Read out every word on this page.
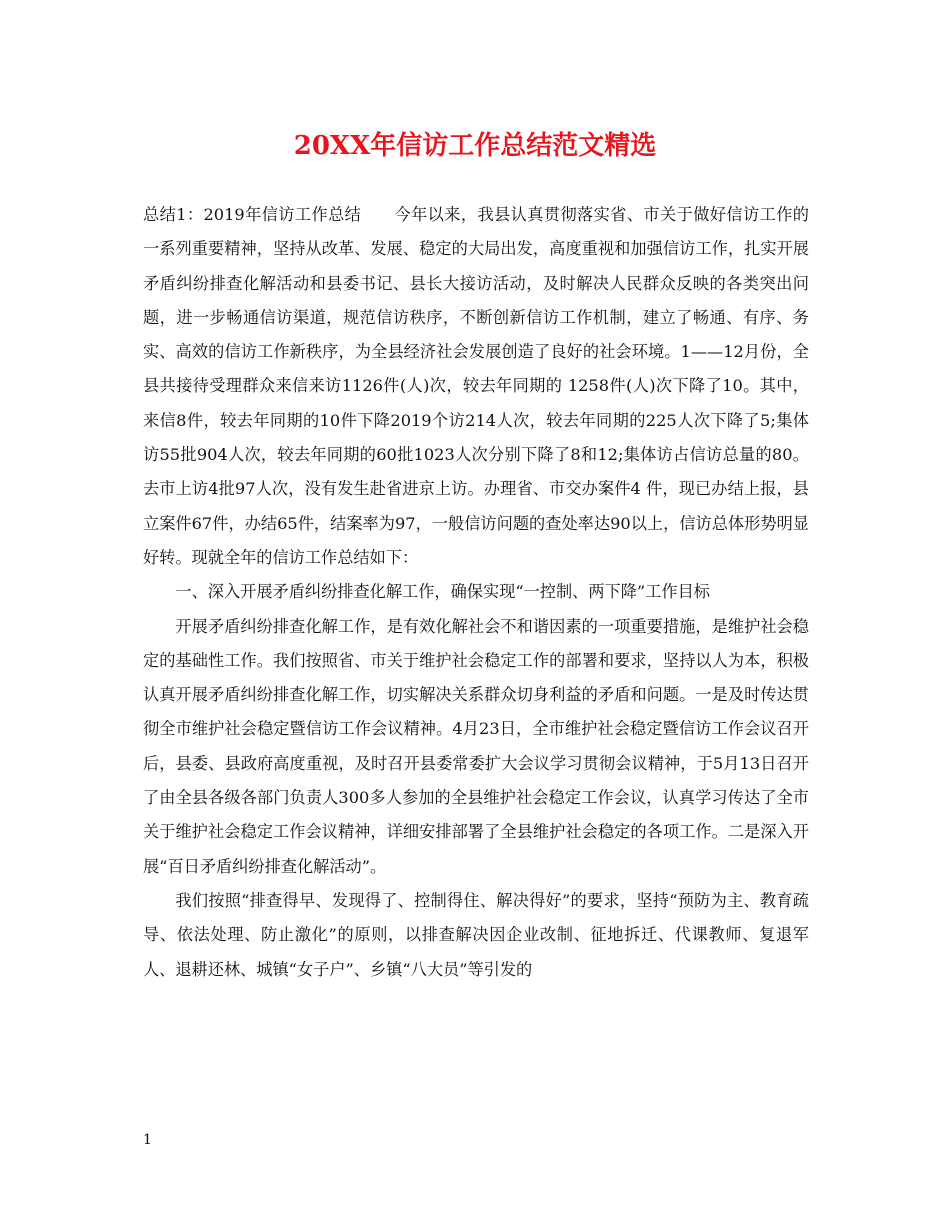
20XX年信访工作总结范文精选

总结1：2019年信访工作总结　　今年以来，我县认真贯彻落实省、市关于做好信访工作的一系列重要精神，坚持从改革、发展、稳定的大局出发，高度重视和加强信访工作，扎实开展矛盾纠纷排查化解活动和县委书记、县长大接访活动，及时解决人民群众反映的各类突出问题，进一步畅通信访渠道，规范信访秩序，不断创新信访工作机制，建立了畅通、有序、务实、高效的信访工作新秩序，为全县经济社会发展创造了良好的社会环境。1——12月份，全县共接待受理群众来信来访1126件(人)次，较去年同期的 1258件(人)次下降了10。其中，来信8件，较去年同期的10件下降2019个访214人次，较去年同期的225人次下降了5;集体访55批904人次，较去年同期的60批1023人次分别下降了8和12;集体访占信访总量的80。去市上访4批97人次，没有发生赴省进京上访。办理省、市交办案件4 件，现已办结上报，县立案件67件，办结65件，结案率为97，一般信访问题的查处率达90以上，信访总体形势明显好转。现就全年的信访工作总结如下：

一、深入开展矛盾纠纷排查化解工作，确保实现“一控制、两下降”工作目标

开展矛盾纠纷排查化解工作，是有效化解社会不和谐因素的一项重要措施，是维护社会稳定的基础性工作。我们按照省、市关于维护社会稳定工作的部署和要求，坚持以人为本，积极认真开展矛盾纠纷排查化解工作，切实解决关系群众切身利益的矛盾和问题。一是及时传达贯彻全市维护社会稳定暨信访工作会议精神。4月23日，全市维护社会稳定暨信访工作会议召开后，县委、县政府高度重视，及时召开县委常委扩大会议学习贯彻会议精神，于5月13日召开了由全县各级各部门负责人300多人参加的全县维护社会稳定工作会议，认真学习传达了全市关于维护社会稳定工作会议精神，详细安排部署了全县维护社会稳定的各项工作。二是深入开展“百日矛盾纠纷排查化解活动”。

我们按照“排查得早、发现得了、控制得住、解决得好”的要求，坚持“预防为主、教育疏导、依法处理、防止激化”的原则，以排查解决因企业改制、征地拆迁、代课教师、复退军人、退耕还林、城镇“女子户”、乡镇“八大员”等引发的

1
